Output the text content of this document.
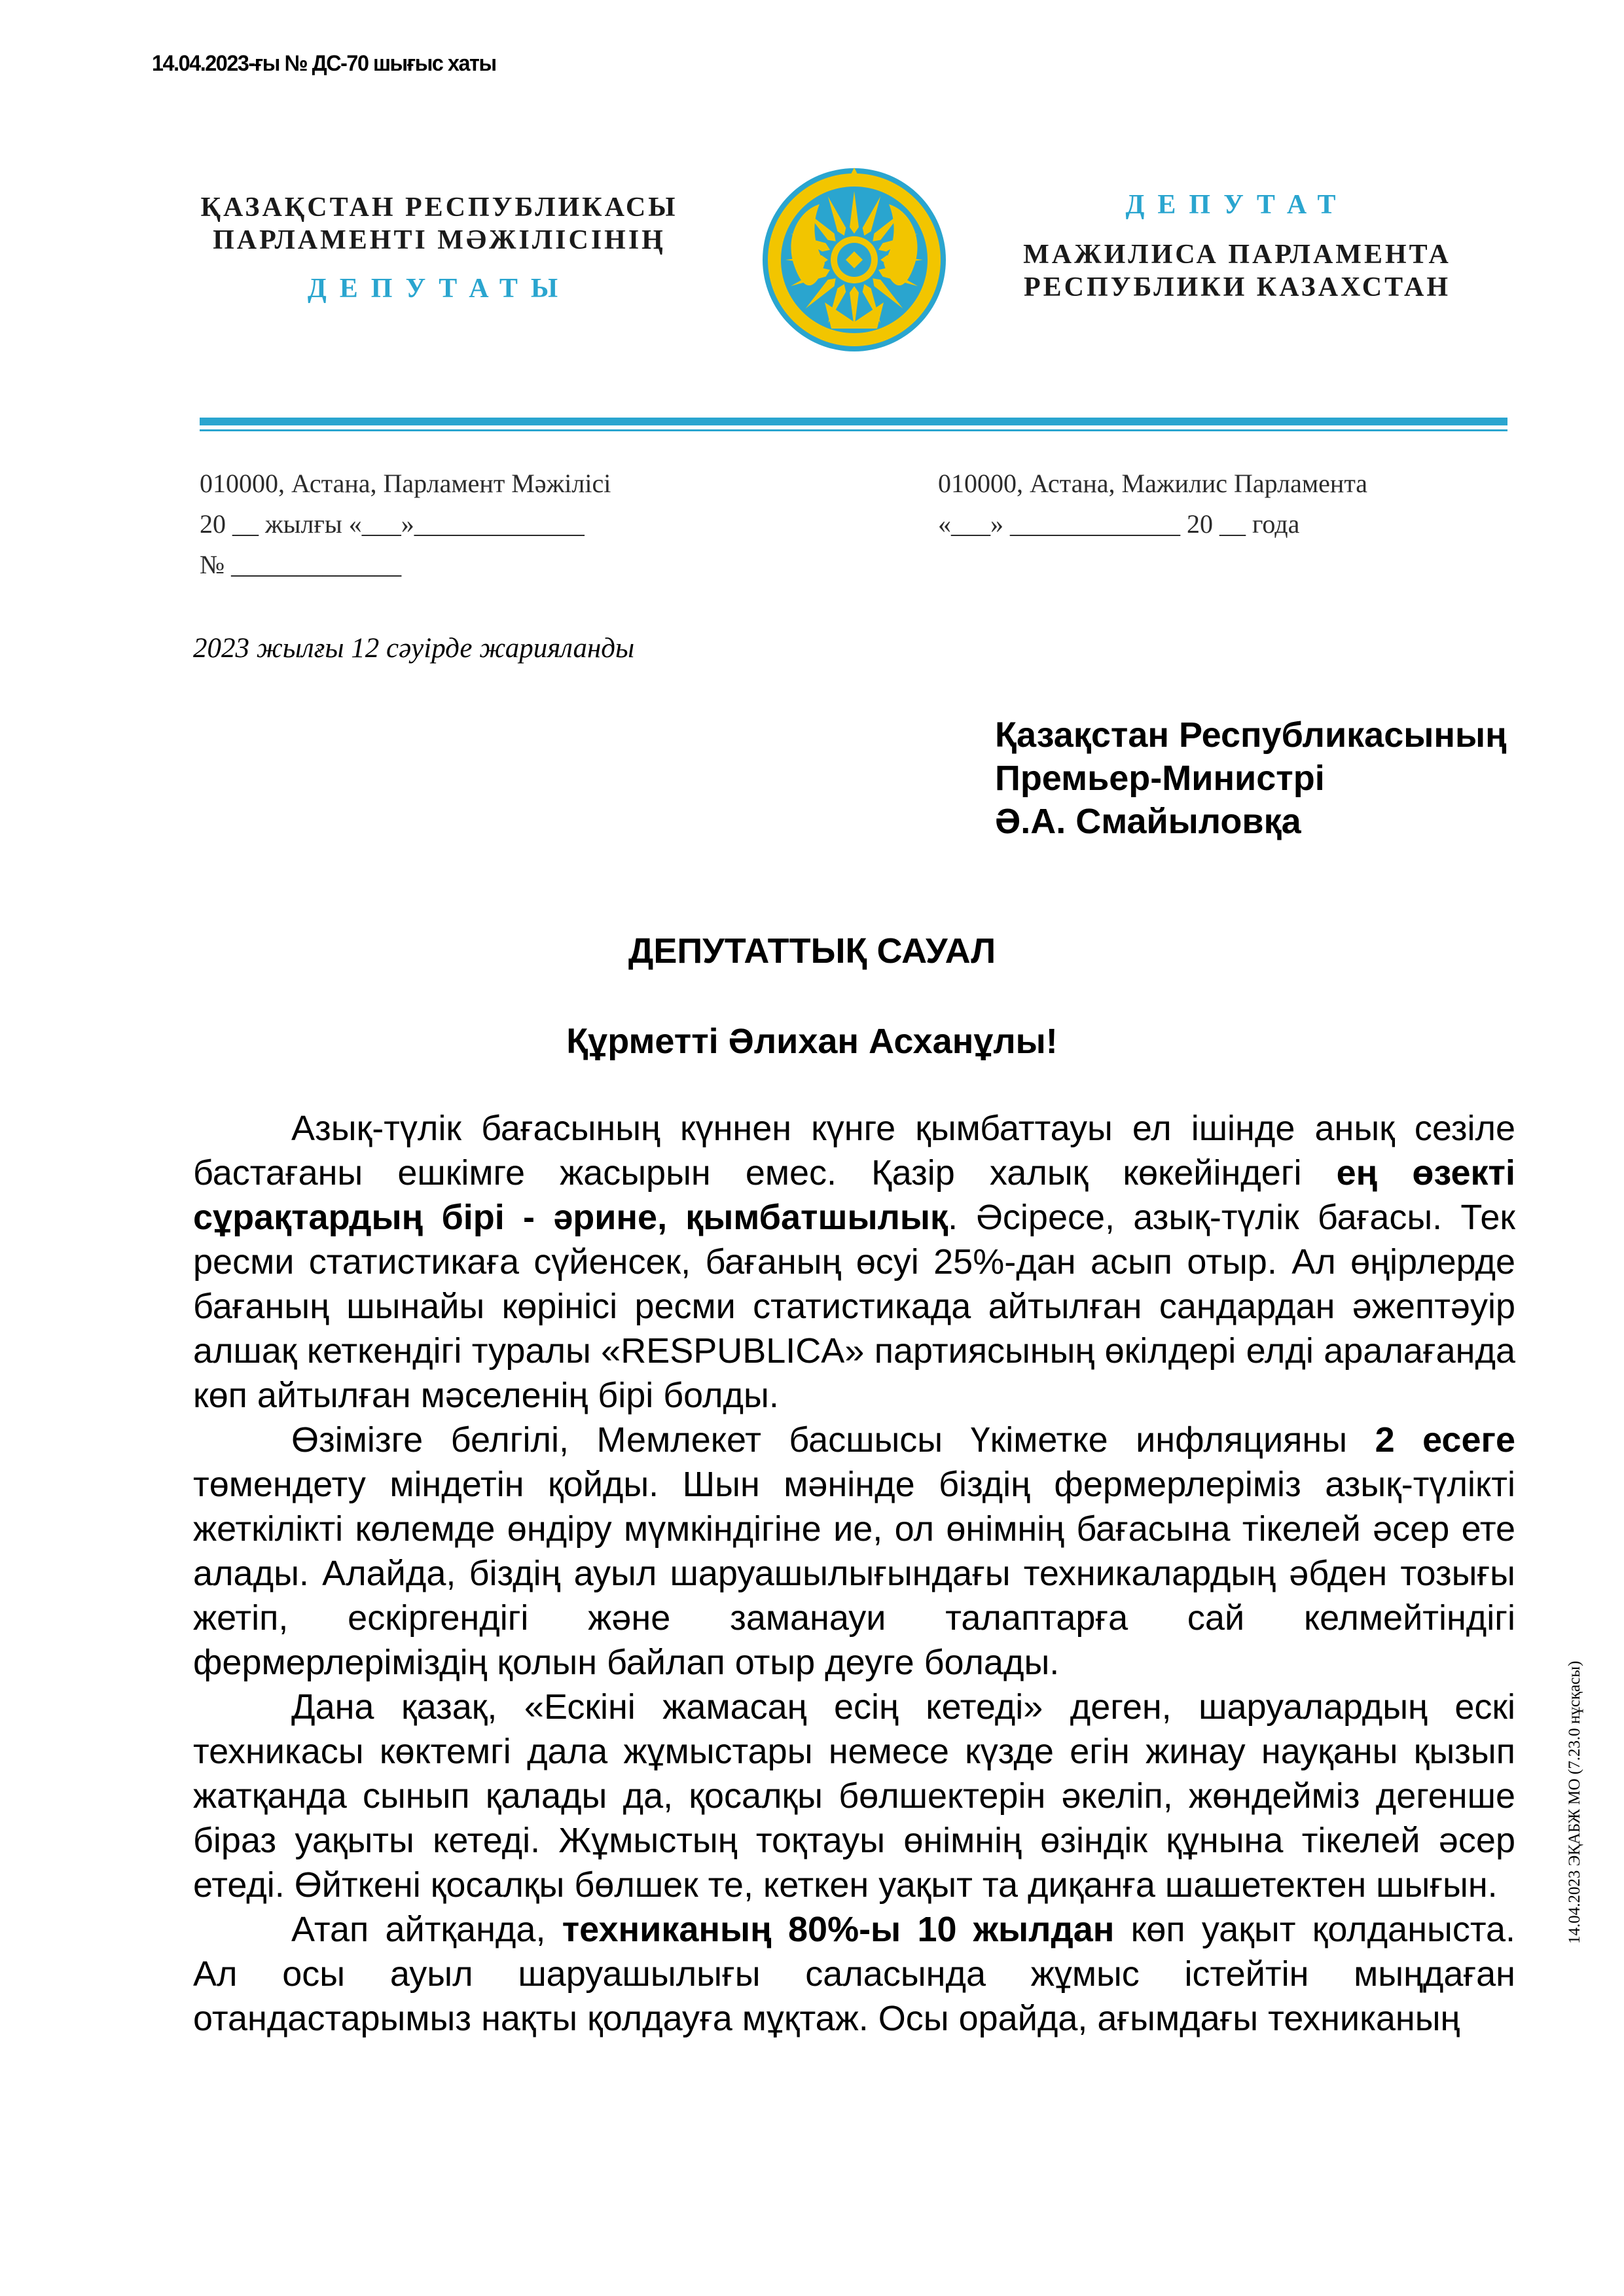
14.04.2023-ғы № ДС-70 шығыс хаты
ҚАЗАҚСТАН РЕСПУБЛИКАСЫ
ПАРЛАМЕНТІ МӘЖІЛІСІНІҢ
ДЕПУТАТЫ
ДЕПУТАТ
МАЖИЛИСА ПАРЛАМЕНТА
РЕСПУБЛИКИ КАЗАХСТАН
010000, Астана, Парламент Мәжілісі
20 __ жылғы «___»_____________
№ _____________
010000, Астана, Мажилис Парламента
«___» _____________ 20 __ года
2023 жылғы 12 сәуірде жарияланды
Қазақстан Республикасының
Премьер-Министрі
Ә.А. Смайыловқа
ДЕПУТАТТЫҚ САУАЛ
Құрметті Әлихан Асханұлы!

Азық-түлік бағасының күннен күнге қымбаттауы ел ішінде анық сезіле бастағаны ешкімге жасырын емес. Қазір халық көкейіндегі ең өзекті сұрақтардың бірі - әрине, қымбатшылық. Әсіресе, азық-түлік бағасы. Тек ресми статистикаға сүйенсек, бағаның өсуі 25%-дан асып отыр. Ал өңірлерде бағаның шынайы көрінісі ресми статистикада айтылған сандардан әжептәуір алшақ кеткендігі туралы «RESPUBLICA» партиясының өкілдері елді аралағанда көп айтылған мәселенің бірі болды.

Өзімізге белгілі, Мемлекет басшысы Үкіметке инфляцияны 2 есеге төмендету міндетін қойды. Шын мәнінде біздің фермерлеріміз азық-түлікті жеткілікті көлемде өндіру мүмкіндігіне ие, ол өнімнің бағасына тікелей әсер ете алады. Алайда, біздің ауыл шаруашылығындағы техникалардың әбден тозығы жетіп, ескіргендігі және заманауи талаптарға сай келмейтіндігі фермерлеріміздің қолын байлап отыр деуге болады.

Дана қазақ, «Ескіні жамасаң есің кетеді» деген, шаруалардың ескі техникасы көктемгі дала жұмыстары немесе күзде егін жинау науқаны қызып жатқанда сынып қалады да, қосалқы бөлшектерін әкеліп, жөндейміз дегенше біраз уақыты кетеді. Жұмыстың тоқтауы өнімнің өзіндік құнына тікелей әсер етеді. Өйткені қосалқы бөлшек те, кеткен уақыт та диқанға шашетектен шығын.

Атап айтқанда, техниканың 80%-ы 10 жылдан көп уақыт қолданыста. Ал осы ауыл шаруашылығы саласында жұмыс істейтін мыңдаған отандастарымыз нақты қолдауға мұқтаж. Осы орайда, ағымдағы техниканың

14.04.2023 ЭҚАБЖ МО (7.23.0 нұсқасы)
